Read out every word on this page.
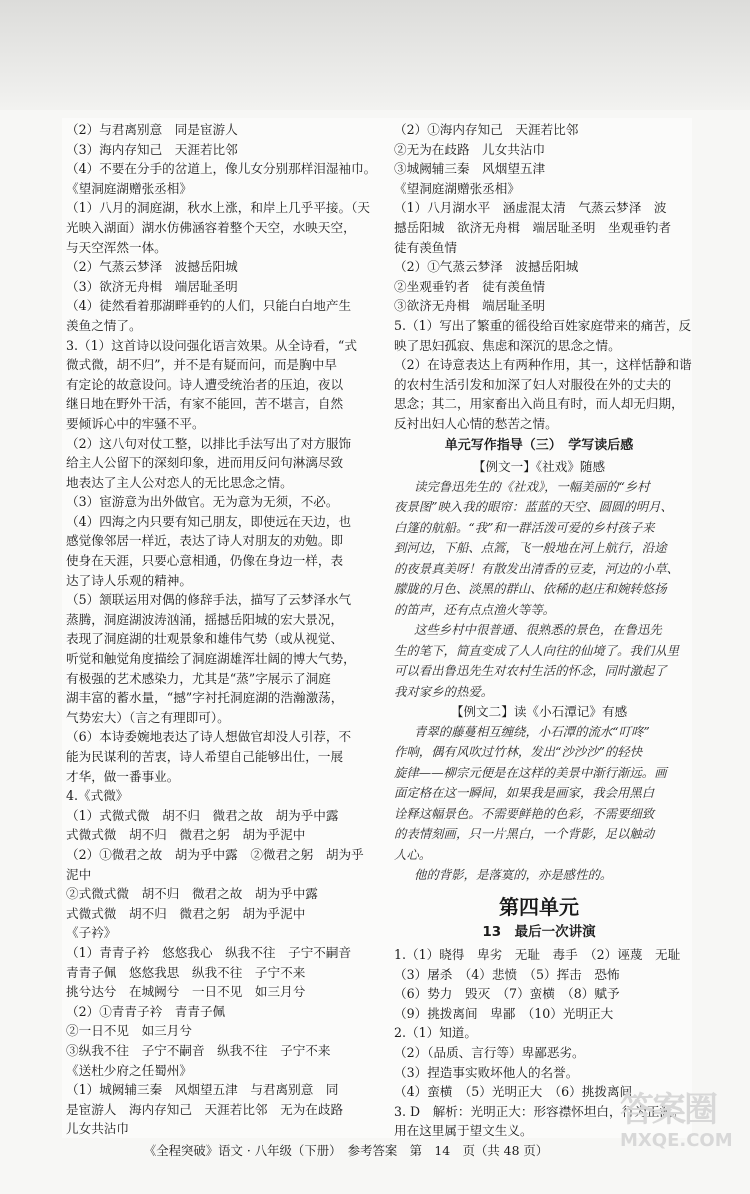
（2）与君离别意　同是宦游人
（3）海内存知己　天涯若比邻
（4）不要在分手的岔道上，像儿女分别那样泪湿袖巾。
《望洞庭湖赠张丞相》
（1）八月的洞庭湖，秋水上涨，和岸上几乎平接。（天
光映入湖面）湖水仿佛涵容着整个天空，水映天空，
与天空浑然一体。
（2）气蒸云梦泽　波撼岳阳城
（3）欲济无舟楫　端居耻圣明
（4）徒然看着那湖畔垂钓的人们，只能白白地产生
羡鱼之情了。
3.（1）这首诗以设问强化语言效果。从全诗看，“式
微式微，胡不归”，并不是有疑而问，而是胸中早
有定论的故意设问。诗人遭受统治者的压迫，夜以
继日地在野外干活，有家不能回，苦不堪言，自然
要倾诉心中的牢骚不平。
（2）这八句对仗工整，以排比手法写出了对方服饰
给主人公留下的深刻印象，进而用反问句淋漓尽致
地表达了主人公对恋人的无比思念之情。
（3）宦游意为出外做官。无为意为无须，不必。
（4）四海之内只要有知己朋友，即使远在天边，也
感觉像邻居一样近，表达了诗人对朋友的劝勉。即
使身在天涯，只要心意相通，仍像在身边一样，表
达了诗人乐观的精神。
（5）颔联运用对偶的修辞手法，描写了云梦泽水气
蒸腾，洞庭湖波涛汹涌，摇撼岳阳城的宏大景况，
表现了洞庭湖的壮观景象和雄伟气势（或从视觉、
听觉和触觉角度描绘了洞庭湖雄浑壮阔的博大气势，
有极强的艺术感染力，尤其是“蒸”字展示了洞庭
湖丰富的蓄水量，“撼”字衬托洞庭湖的浩瀚激荡，
气势宏大）（言之有理即可）。
（6）本诗委婉地表达了诗人想做官却没人引荐，不
能为民谋利的苦衷，诗人希望自己能够出仕，一展
才华，做一番事业。
4.《式微》
（1）式微式微　胡不归　微君之故　胡为乎中露
式微式微　胡不归　微君之躬　胡为乎泥中
（2）①微君之故　胡为乎中露　②微君之躬　胡为乎
泥中
②式微式微　胡不归　微君之故　胡为乎中露
式微式微　胡不归　微君之躬　胡为乎泥中
《子衿》
（1）青青子衿　悠悠我心　纵我不往　子宁不嗣音
青青子佩　悠悠我思　纵我不往　子宁不来
挑兮达兮　在城阙兮　一日不见　如三月兮
（2）①青青子衿　青青子佩
②一日不见　如三月兮
③纵我不往　子宁不嗣音　纵我不往　子宁不来
《送杜少府之任蜀州》
（1）城阙辅三秦　风烟望五津　与君离别意　同
是宦游人　海内存知己　天涯若比邻　无为在歧路
儿女共沾巾
（2）①海内存知己　天涯若比邻
②无为在歧路　儿女共沾巾
③城阙辅三秦　风烟望五津
《望洞庭湖赠张丞相》
（1）八月湖水平　涵虚混太清　气蒸云梦泽　波
撼岳阳城　欲济无舟楫　端居耻圣明　坐观垂钓者
徒有羡鱼情
（2）①气蒸云梦泽　波撼岳阳城
②坐观垂钓者　徒有羡鱼情
③欲济无舟楫　端居耻圣明
5.（1）写出了繁重的徭役给百姓家庭带来的痛苦，反
映了思妇孤寂、焦虑和深沉的思念之情。
（2）在诗意表达上有两种作用，其一，这样恬静和谐
的农村生活引发和加深了妇人对服役在外的丈夫的
思念；其二，用家畜出入尚且有时，而人却无归期，
反衬出妇人心情的愁苦之情。
单元写作指导（三）　学写读后感
【例文一】《社戏》随感
读完鲁迅先生的《社戏》，一幅美丽的“乡村
夜景图”映入我的眼帘：蓝蓝的天空、圆圆的明月、
白篷的航船。“我”和一群活泼可爱的乡村孩子来
到河边，下船、点篙，飞一般地在河上航行，沿途
的夜景真美呀！有散发出清香的豆麦，河边的小草、
朦胧的月色、淡黑的群山、依稀的赵庄和婉转悠扬
的笛声，还有点点渔火等等。
这些乡村中很普通、很熟悉的景色，在鲁迅先
生的笔下，简直变成了人人向往的仙境了。我们从里
可以看出鲁迅先生对农村生活的怀念，同时激起了
我对家乡的热爱。
【例文二】读《小石潭记》有感
青翠的藤蔓相互缠绕，小石潭的流水“叮咚”
作响，偶有风吹过竹林，发出“沙沙沙”的轻快
旋律——柳宗元便是在这样的美景中渐行渐远。画
面定格在这一瞬间，如果我是画家，我会用黑白
诠释这幅景色。不需要鲜艳的色彩，不需要细致
的表情刻画，只一片黑白，一个背影，足以触动
人心。
他的背影，是落寞的，亦是感性的。
第四单元
13　最后一次讲演
1.（1）晓得　卑劣　无耻　毒手　（2）诬蔑　无耻
（3）屠杀　（4）悲愤　（5）挥击　恐怖
（6）势力　毁灭　（7）蛮横　（8）赋予
（9）挑拨离间　卑鄙　（10）光明正大
2.（1）知道。
（2）（品质、言行等）卑鄙恶劣。
（3）捏造事实败坏他人的名誉。
（4）蛮横　（5）光明正大　（6）挑拨离间
3. D　解析：光明正大：形容襟怀坦白，行为正派。
用在这里属于望文生义。
《全程突破》语文 · 八年级（下册）　参考答案　第　14　页（共 48 页）
答案圈
MXQE.COM
